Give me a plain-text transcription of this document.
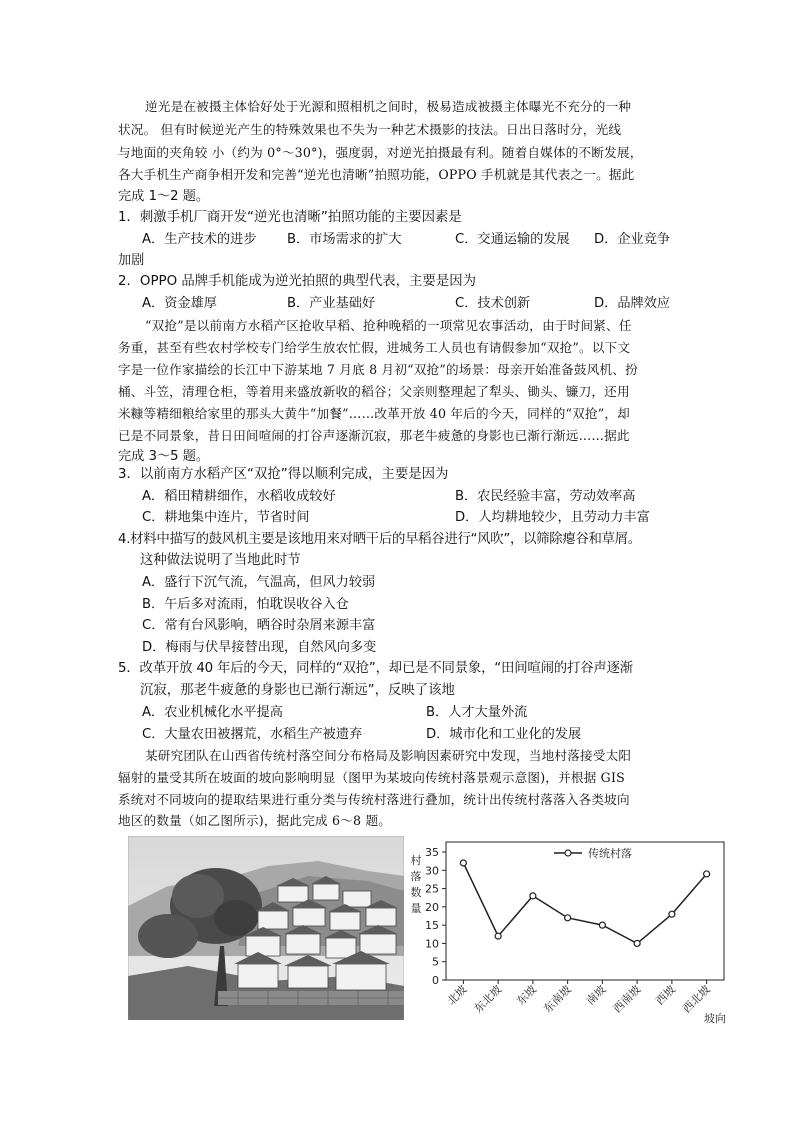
逆光是在被摄主体恰好处于光源和照相机之间时，极易造成被摄主体曝光不充分的一种
状况。 但有时候逆光产生的特殊效果也不失为一种艺术摄影的技法。日出日落时分，光线
与地面的夹角较 小（约为 0°～30°)，强度弱，对逆光拍摄最有利。随着自媒体的不断发展，
各大手机生产商争相开发和完善“逆光也清晰”拍照功能，OPPO 手机就是其代表之一。据此
完成 1～2 题。
1．刺激手机厂商开发“逆光也清晰”拍照功能的主要因素是
A．生产技术的进步 B．市场需求的扩大	C．交通运输的发展 D．企业竞争
加剧
2．OPPO 品牌手机能成为逆光拍照的典型代表，主要是因为
A．资金雄厚	B．产业基础好	C．技术创新	D．品牌效应
“双抢”是以前南方水稻产区抢收早稻、抢种晚稻的一项常见农事活动，由于时间紧、任
务重，甚至有些农村学校专门给学生放农忙假，进城务工人员也有请假参加“双抢”。以下文
字是一位作家描绘的长江中下游某地 7 月底 8 月初“双抢”的场景：母亲开始准备鼓风机、扮
桶、斗笠，清理仓柜，等着用来盛放新收的稻谷；父亲则整理起了犁头、锄头、镰刀，还用
米糠等精细粮给家里的那头大黄牛“加餐”……改革开放 40 年后的今天，同样的“双抢”，却
已是不同景象，昔日田间喧闹的打谷声逐渐沉寂，那老牛疲惫的身影也已渐行渐远……据此
完成 3～5 题。
3．以前南方水稻产区“双抢”得以顺利完成，主要是因为
A．稻田精耕细作，水稻收成较好	B．农民经验丰富，劳动效率高
C．耕地集中连片，节省时间	D．人均耕地较少，且劳动力丰富
4.材料中描写的鼓风机主要是该地用来对晒干后的早稻谷进行“风吹”，以筛除瘪谷和草屑。
这种做法说明了当地此时节
A．盛行下沉气流，气温高，但风力较弱
B．午后多对流雨，怕耽误收谷入仓
C．常有台风影响，晒谷时杂屑来源丰富
D．梅雨与伏旱接替出现，自然风向多变
5．改革开放 40 年后的今天，同样的“双抢”，却已是不同景象，“田间喧闹的打谷声逐渐
沉寂，那老牛疲惫的身影也已渐行渐远”，反映了该地
A．农业机械化水平提高	B．人才大量外流
C．大量农田被撂荒，水稻生产被遗弃	D．城市化和工业化的发展
某研究团队在山西省传统村落空间分布格局及影响因素研究中发现，当地村落接受太阳
辐射的量受其所在坡面的坡向影响明显（图甲为某坡向传统村落景观示意图)，并根据 GIS
系统对不同坡向的提取结果进行重分类与传统村落进行叠加，统计出传统村落落入各类坡向
地区的数量（如乙图所示)，据此完成 6～8 题。
0
5
10
15
20
25
30
35
村
落
数
量
北坡 东北坡 东坡 东南坡 南坡 西南坡 西坡 西北坡
坡向
传统村落
